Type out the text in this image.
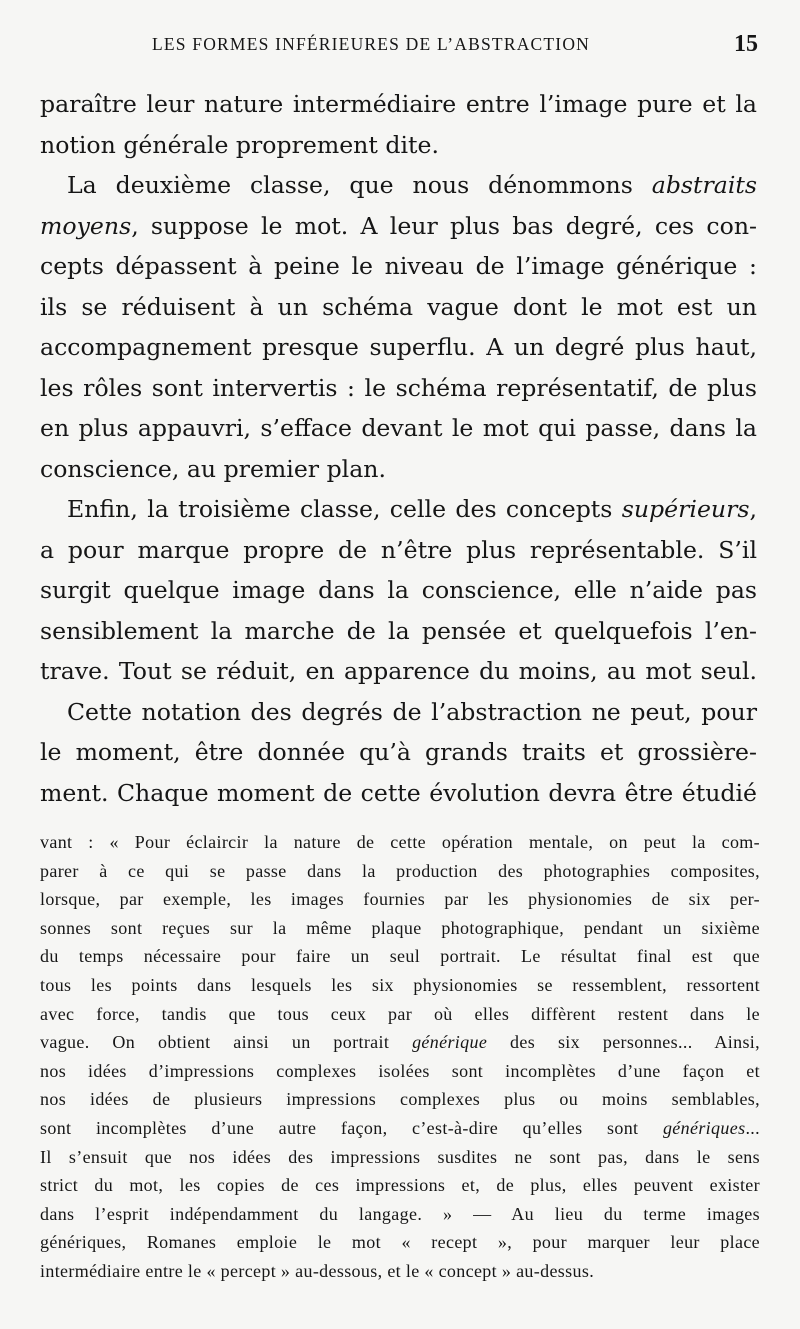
LES FORMES INFÉRIEURES DE L’ABSTRACTION	15

paraître leur nature intermédiaire entre l’image pure et la
notion générale proprement dite.

La deuxième classe, que nous dénommons abstraits
moyens, suppose le mot. A leur plus bas degré, ces con-
cepts dépassent à peine le niveau de l’image générique :
ils se réduisent à un schéma vague dont le mot est un
accompagnement presque superflu. A un degré plus haut,
les rôles sont intervertis : le schéma représentatif, de plus
en plus appauvri, s’efface devant le mot qui passe, dans la
conscience, au premier plan.

Enfin, la troisième classe, celle des concepts supérieurs,
a pour marque propre de n’être plus représentable. S’il
surgit quelque image dans la conscience, elle n’aide pas
sensiblement la marche de la pensée et quelquefois l’en-
trave. Tout se réduit, en apparence du moins, au mot seul.

Cette notation des degrés de l’abstraction ne peut, pour
le moment, être donnée qu’à grands traits et grossière-
ment. Chaque moment de cette évolution devra être étudié

vant : « Pour éclaircir la nature de cette opération mentale, on peut la com-
parer à ce qui se passe dans la production des photographies composites,
lorsque, par exemple, les images fournies par les physionomies de six per-
sonnes sont reçues sur la même plaque photographique, pendant un sixième
du temps nécessaire pour faire un seul portrait. Le résultat final est que
tous les points dans lesquels les six physionomies se ressemblent, ressortent
avec force, tandis que tous ceux par où elles diffèrent restent dans le
vague. On obtient ainsi un portrait générique des six personnes... Ainsi,
nos idées d’impressions complexes isolées sont incomplètes d’une façon et
nos idées de plusieurs impressions complexes plus ou moins semblables,
sont incomplètes d’une autre façon, c’est-à-dire qu’elles sont génériques...
Il s’ensuit que nos idées des impressions susdites ne sont pas, dans le sens
strict du mot, les copies de ces impressions et, de plus, elles peuvent exister
dans l’esprit indépendamment du langage. » — Au lieu du terme images
génériques, Romanes emploie le mot « recept », pour marquer leur place
intermédiaire entre le « percept » au-dessous, et le « concept » au-dessus.
